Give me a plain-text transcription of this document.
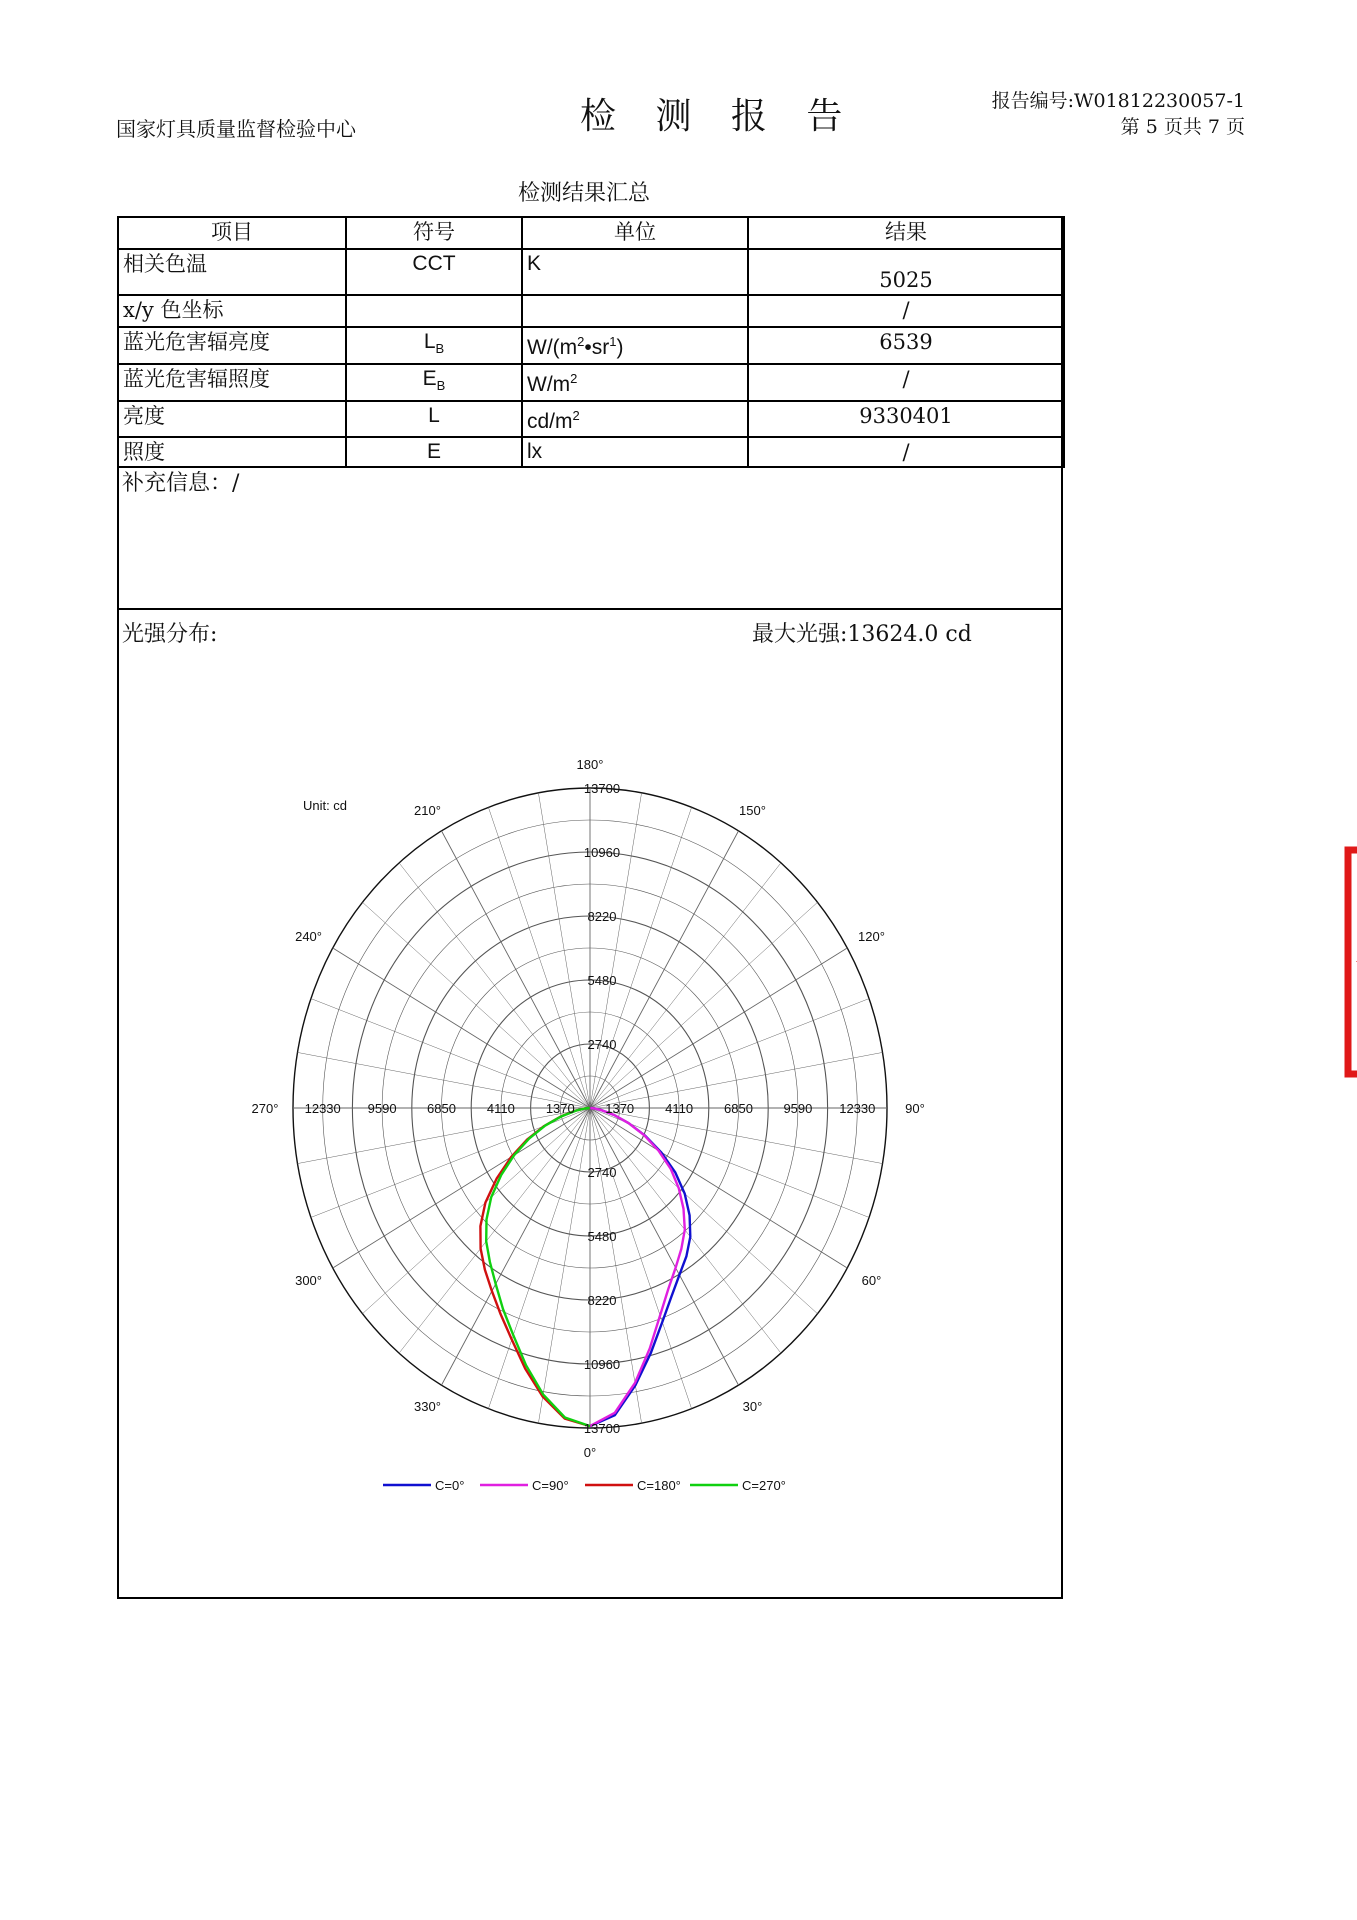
国家灯具质量监督检验中心	检 测 报 告	报告编号:W01812230057-1
第 5 页共 7 页
检测结果汇总
项目	符号	单位	结果
相关色温	CCT	K	5025
x/y 色坐标			/
蓝光危害辐亮度	$L_B$	$W/(m^2•sr^1)$	6539
蓝光危害辐照度	$E_B$	$W/m^2$	/
亮度	L	$cd/m^2$	9330401
照度	E	lx	/
补充信息：/
光强分布:	最大光强:13624.0 cd
2740
5480
8220
10960
13700
2740
5480
8220
10960
13700
1370 4110 6850 9590 12330
1370
4110
6850
9590
12330
0°
30°
60°
90°
120°
150°
180°
210°
240°
270°
300°
330°
Unit: cd
C=0°	C=90°	C=180°	C=270°
